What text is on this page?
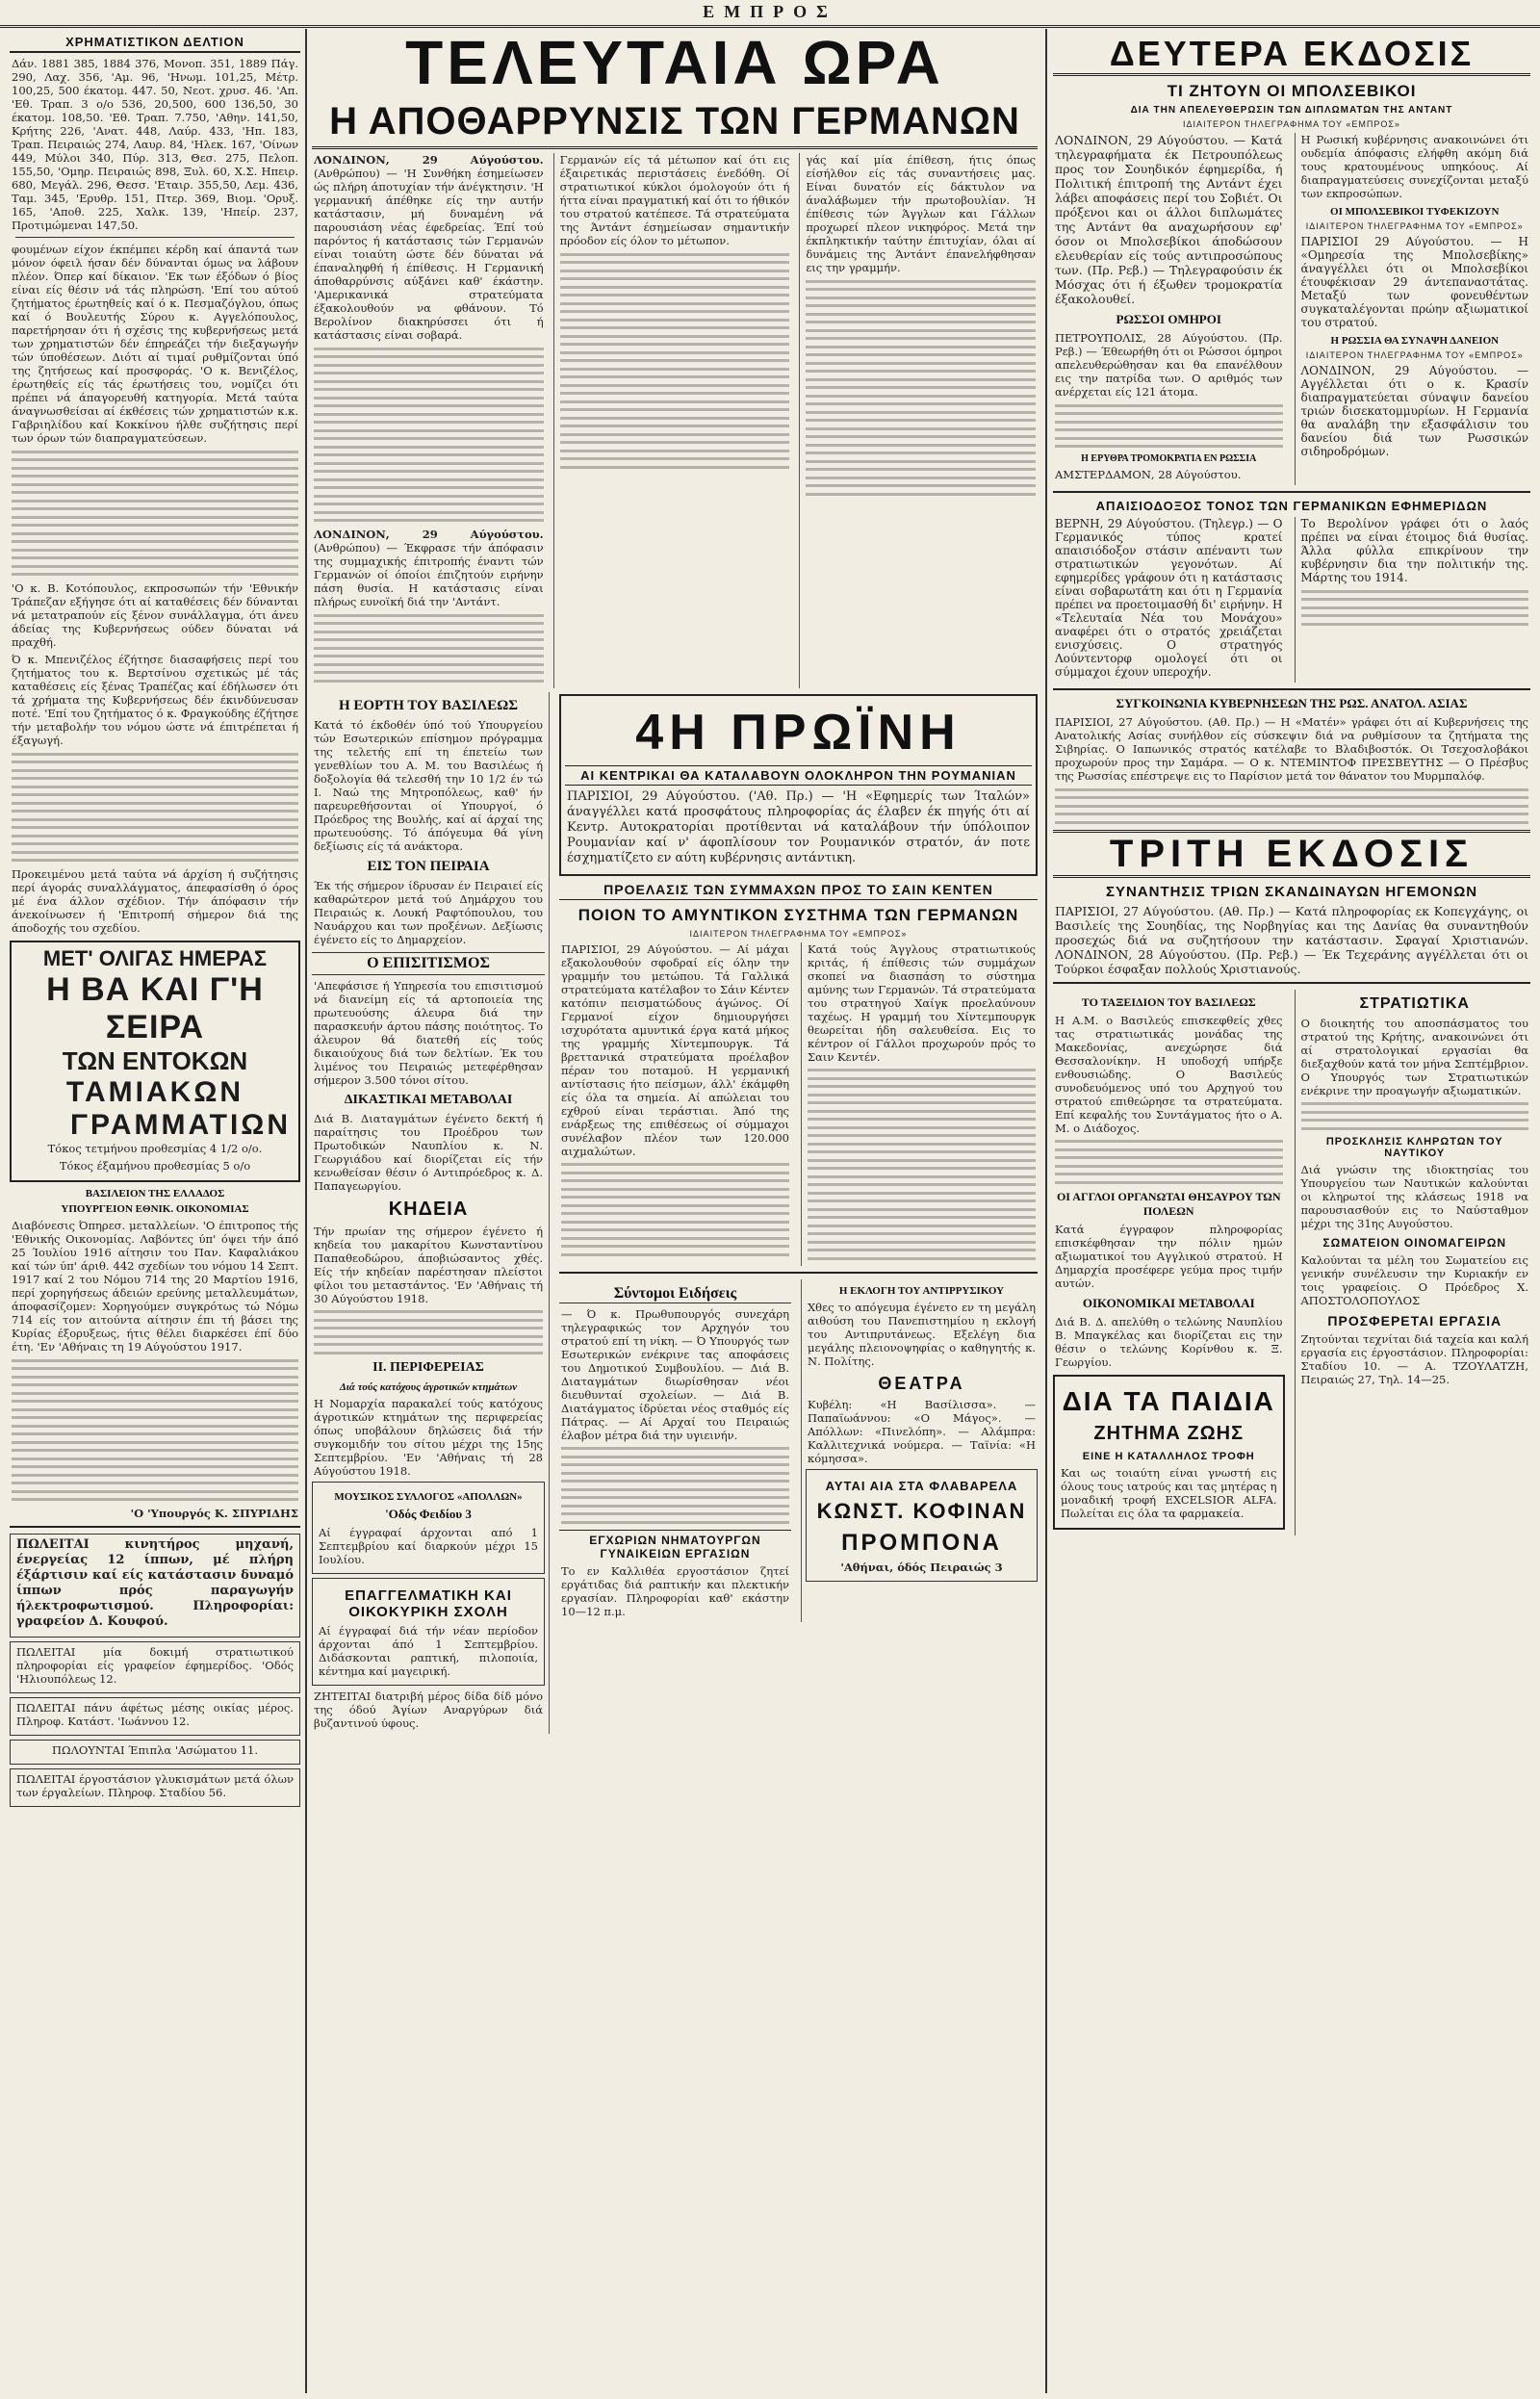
ΕΜΠΡΟΣ
ΧΡΗΜΑΤΙΣΤΙΚΟΝ ΔΕΛΤΙΟΝ

Δάν. 1881 385, 1884 376, Μονοπ. 351, 1889 Πάγ. 290, Λαχ. 356, 'Αμ. 96, 'Ηνωμ. 101,25, Μέτρ. 100,25, 500 έκατομ. 447. 50, Νεοτ. χρυσ. 46. 'Απ. 'Εθ. Τραπ. 3 ο/ο 536, 20,500, 600 136,50, 30 έκατομ. 108,50. 'Εθ. Τραπ. 7.750, 'Αθην. 141,50, Κρήτης 226, 'Ανατ. 448, Λαύρ. 433, 'Ηπ. 183, Τραπ. Πειραιώς 274, Λαυρ. 84, 'Ηλεκ. 167, 'Οίνων 449, Μύλοι 340, Πύρ. 313, Θεσ. 275, Πελοπ. 155,50, 'Ομηρ. Πειραιώς 898, Ξυλ. 60, Χ.Σ. Ηπειρ. 680, Μεγάλ. 296, Θεσσ. 'Εταιρ. 355,50, Λεμ. 436, Ταμ. 345, 'Ερυθρ. 151, Πτερ. 369, Βιομ. 'Ορυξ. 165, 'Αποθ. 225, Χαλκ. 139, 'Ηπείρ. 237, Προτιμώμεναι 147,50.

φουμένων είχον έκπέμπει κέρδη καί άπαντά των μόνον όφειλ ήσαν δέν δύνανται όμως να λάβουν πλέον. Όπερ καί δίκαιον. 'Εκ των έξόδων ό βίος είναι είς θέσιν νά τάς πληρώση. 'Επί του αύτού ζητήματος έρωτηθείς καί ό κ. Πεσμαζόγλου, όπως καί ό Βουλευτής Σύρου κ. Αγγελόπουλος, παρετήρησαν ότι ή σχέσις της κυβερνήσεως μετά των χρηματιστών δέν έπηρεάζει τήν διεξαγωγήν τών ύποθέσεων. Διότι αί τιμαί ρυθμίζονται ύπό της ζητήσεως καί προσφοράς. 'Ο κ. Βενιζέλος, έρωτηθείς είς τάς έρωτήσεις του, νομίζει ότι πρέπει νά άπαγορευθή κατηγορία. Μετά ταύτα άναγνωσθείσαι αί έκθέσεις τών χρηματιστών κ.κ. Γαβριηλίδου καί Κοκκίνου ήλθε συζήτησις περί των όρων τών διαπραγματεύσεων.

'Ο κ. Β. Κοτόπουλος, εκπροσωπών τήν 'Εθνικήν Τράπεζαν εξήγησε ότι αί καταθέσεις δέν δύνανται νά μετατραπούν είς ξένον συνάλλαγμα, ότι άνευ άδείας της Κυβερνήσεως ούδεν δύναται νά πραχθή.

Ό κ. Μπενιζέλος έζήτησε διασαφήσεις περί του ζητήματος του κ. Βερτσίνου σχετικώς μέ τάς καταθέσεις είς ξένας Τραπέζας καί έδήλωσεν ότι τά χρήματα της Κυβερνήσεως δέν έκινδύνευσαν ποτέ. 'Επί του ζητήματος ό κ. Φραγκούδης έζήτησε τήν μεταβολήν του νόμου ώστε νά έπιτρέπεται ή έξαγωγή.

Προκειμένου μετά ταύτα νά άρχίση ή συζήτησις περί άγοράς συναλλάγματος, άπεφασίσθη ό όρος μέ ένα άλλον σχέδιον. Τήν άπόφασιν τήν άνεκοίνωσεν ή 'Επιτροπή σήμερον διά της άποδοχής του σχεδίου.

ΜΕΤ' ΟΛΙΓΑΣ ΗΜΕΡΑΣ
Η ΒΑ ΚΑΙ Γ'Η ΣΕΙΡΑ
ΤΩΝ ΕΝΤΟΚΩΝ
ΤΑΜΙΑΚΩΝ
ΓΡΑΜΜΑΤΙΩΝ
Τόκος τετμήνου προθεσμίας 4 1/2 ο/ο.
Τόκος έξαμήνου προθεσμίας 5 ο/ο
ΒΑΣΙΛΕΙΟΝ ΤΗΣ ΕΛΛΑΔΟΣ
ΥΠΟΥΡΓΕΙΟΝ ΕΘΝΙΚ. ΟΙΚΟΝΟΜΙΑΣ

Διαβόνεσις Όπηρεσ. μεταλλείων. 'Ο έπιτροπος τής 'Εθνικής Οικονομίας. Λαβόντες ύπ' όψει τήν άπό 25 Ίουλίου 1916 αίτησιν του Παν. Καφαλιάκου καί τών ύπ' άριθ. 442 σχεδίων του νόμου 14 Σεπτ. 1917 καί 2 του Νόμου 714 της 20 Μαρτίου 1916, περί χορηγήσεως άδειών ερεύνης μεταλλευμάτων, άποφασίζομεν: Χορηγούμεν συγκρότως τώ Νόμω 714 είς τον αιτούντα αίτησιν έπι τή βάσει της Κυρίας έξορυξεως, ήτις θέλει διαρκέσει έπί δύο έτη. 'Εν 'Αθήναις τη 19 Αύγούστου 1917.

'Ο 'Υπουργός Κ. ΣΠΥΡΙΔΗΣ

ΠΩΛΕΙΤΑΙ κινητήρος μηχανή, ένεργείας 12 ίππων, μέ πλήρη έξάρτισιν καί είς κατάστασιν δυναμό ίππων πρός παραγωγήν ήλεκτροφωτισμού. Πληροφορίαι: γραφείον Δ. Κουφού.

ΠΩΛΕΙΤΑΙ μία δοκιμή στρατιωτικού πληροφορίαι είς γραφείον έφημερίδος. 'Οδός 'Ηλιουπόλεως 12.

ΠΩΛΕΙΤΑΙ πάνυ άφέτως μέσης οικίας μέρος. Πληροφ. Κατάστ. 'Ιωάννου 12.

ΠΩΛΟΥΝΤΑΙ Έπιπλα 'Ασώματου 11.

ΠΩΛΕΙΤΑΙ έργοστάσιον γλυκισμάτων μετά όλων των έργαλείων. Πληροφ. Σταδίου 56.

ΤΕΛΕΥΤΑΙΑ ΩΡΑ
Η ΑΠΟΘΑΡΡΥΝΣΙΣ ΤΩΝ ΓΕΡΜΑΝΩΝ

ΛΟΝΔΙΝΟΝ, 29 Αύγούστου. (Ανθρώπου) — 'Η Συνθήκη έσημείωσεν ώς πλήρη άποτυχίαν τήν άνέγκτησιν. 'Η γερμανική άπέθηκε είς την αυτήν κατάστασιν, μή δυναμένη νά παρουσιάση νέας έφεδρείας. Έπί τού παρόντος ή κατάστασις τών Γερμανών είναι τοιαύτη ώστε δέν δύναται νά έπαναληφθή ή έπίθεσις. Η Γερμανική άποθαρρύνσις αύξάνει καθ' έκάστην. 'Αμερικανικά στρατεύματα έξακολουθούν να φθάνουν. Τό Βερολίνον διακηρύσσει ότι ή κατάστασις είναι σοβαρά.

ΛΟΝΔΙΝΟΝ, 29 Αύγούστου. (Ανθρώπου) — Έκφρασε τήν άπόφασιν της συμμαχικής έπιτροπής έναντι τών Γερμανών οί όποίοι έπιζητούν ειρήνην πάση θυσία. Η κατάστασις είναι πλήρως ευνοϊκή διά την 'Αντάντ.

Γερμανών είς τά μέτωπον καί ότι εις έξαιρετικάς περιστάσεις ένεδόθη. Οί στρατιωτικοί κύκλοι όμολογούν ότι ή ήττα είναι πραγματική καί ότι το ήθικόν του στρατού κατέπεσε. Τά στρατεύματα της Άντάντ έσημείωσαν σημαντικήν πρόοδον είς όλον το μέτωπον.

γάς καί μία έπίθεση, ήτις όπως είσήλθον είς τάς συναντήσεις μας. Είναι δυνατόν είς δάκτυλον να άναλάβωμεν τήν πρωτοβουλίαν. Ή έπίθεσις τών Άγγλων και Γάλλων προχωρεί πλεον νικηφόρος. Μετά την έκπληκτικήν ταύτην έπιτυχίαν, όλαι αί δυνάμεις της Άντάντ έπανελήφθησαν εις την γραμμήν.

Η ΕΟΡΤΗ ΤΟΥ ΒΑΣΙΛΕΩΣ

Κατά τό έκδοθέν ύπό τού Υπουργείου τών Εσωτερικών επίσημον πρόγραμμα της τελετής επί τη έπετείω των γενεθλίων του Α. Μ. του Βασιλέως ή δοξολογία θά τελεσθή την 10 1/2 έν τώ Ι. Ναώ της Μητροπόλεως, καθ' ήν παρευρεθήσονται οί Υπουργοί, ό Πρόεδρος της Βουλής, καί αί άρχαί της πρωτευούσης. Τό άπόγευμα θά γίνη δεξίωσις είς τά ανάκτορα.

ΕΙΣ ΤΟΝ ΠΕΙΡΑΙΑ

Έκ τής σήμερον ίδρυσαν έν Πειραιεί είς καθαρώτερον μετά τού Δημάρχου του Πειραιώς κ. Λουκή Ραφτόπουλου, του Ναυάρχου και των προξένων. Δεξίωσις έγένετο είς το Δημαρχείον.

Ο ΕΠΙΣΙΤΙΣΜΟΣ

'Απεφάσισε ή Υπηρεσία του επισιτισμού νά διανείμη είς τά αρτοποιεία της πρωτευούσης άλευρα διά την παρασκευήν άρτου πάσης ποιότητος. Το άλευρον θά διατεθή είς τούς δικαιούχους διά των δελτίων. Έκ του λιμένος του Πειραιώς μετεφέρθησαν σήμερον 3.500 τόνοι σίτου.

ΔΙΚΑΣΤΙΚΑΙ ΜΕΤΑΒΟΛΑΙ

Διά Β. Διαταγμάτων έγένετο δεκτή ή παραίτησις του Προέδρου των Πρωτοδικών Ναυπλίου κ. Ν. Γεωργιάδου καί διορίζεται είς τήν κενωθείσαν θέσιν ό Αντιπρόεδρος κ. Δ. Παπαγεωργίου.

ΚΗΔΕΙΑ

Τήν πρωίαν της σήμερον έγένετο ή κηδεία του μακαρίτου Κωνσταντίνου Παπαθεοδώρου, άποβιώσαντος χθές. Είς τήν κηδείαν παρέστησαν πλείστοι φίλοι του μεταστάντος. 'Εν 'Αθήναις τή 30 Αύγούστου 1918.

ΙΙ. ΠΕΡΙΦΕΡΕΙΑΣ
Διά τούς κατόχους άγροτικών κτημάτων

Η Νομαρχία παρακαλεί τούς κατόχους άγροτικών κτημάτων της περιφερείας όπως υποβάλουν δηλώσεις διά τήν συγκομιδήν του σίτου μέχρι της 15ης Σεπτεμβρίου. 'Εν 'Αθήναις τή 28 Αύγούστου 1918.

ΜΟΥΣΙΚΟΣ ΣΥΛΛΟΓΟΣ «ΑΠΟΛΛΩΝ»
'Οδός Φειδίου 3

Αί έγγραφαί άρχονται από 1 Σεπτεμβρίου καί διαρκούν μέχρι 15 Ιουλίου.

ΕΠΑΓΓΕΛΜΑΤΙΚΗ ΚΑΙ ΟΙΚΟΚΥΡΙΚΗ ΣΧΟΛΗ

Αί έγγραφαί διά τήν νέαν περίοδον άρχονται άπό 1 Σεπτεμβρίου. Διδάσκονται ραπτική, πιλοποιία, κέντημα καί μαγειρική.

ΖΗΤΕΙΤΑΙ διατριβή μέρος δίδα δίδ μόνο της όδού Άγίων Αναργύρων διά βυζαντινού ύφους.

4Η ΠΡΩΪΝΗ
ΑΙ ΚΕΝΤΡΙΚΑΙ ΘΑ ΚΑΤΑΛΑΒΟΥΝ ΟΛΟΚΛΗΡΟΝ ΤΗΝ ΡΟΥΜΑΝΙΑΝ

ΠΑΡΙΣΙΟΙ, 29 Αύγούστου. ('Αθ. Πρ.) — 'Η «Εφημερίς των Ίταλών» άναγγέλλει κατά προσφάτους πληροφορίας άς έλαβεν έκ πηγής ότι αί Κεντρ. Αυτοκρατορίαι προτίθενται νά καταλάβουν τήν ύπόλοιπον Ρουμανίαν καί ν' άφοπλίσουν τον Ρουμανικόν στρατόν, άν ποτε έσχηματίζετο εν αύτη κυβέρνησις αντάντικη.

ΠΡΟΕΛΑΣΙΣ ΤΩΝ ΣΥΜΜΑΧΩΝ ΠΡΟΣ ΤΟ ΣΑΙΝ ΚΕΝΤΕΝ
ΠΟΙΟΝ ΤΟ ΑΜΥΝΤΙΚΟΝ ΣΥΣΤΗΜΑ ΤΩΝ ΓΕΡΜΑΝΩΝ
ΙΔΙΑΙΤΕΡΟΝ ΤΗΛΕΓΡΑΦΗΜΑ ΤΟΥ «ΕΜΠΡΟΣ»

ΠΑΡΙΣΙΟΙ, 29 Αύγούστου. — Αί μάχαι εξακολουθούν σφοδραί είς όλην την γραμμήν του μετώπου. Τά Γαλλικά στρατεύματα κατέλαβον το Σάιν Κέντεν κατόπιν πεισματώδους άγώνος. Οί Γερμανοί είχον δημιουργήσει ισχυρότατα αμυντικά έργα κατά μήκος της γραμμής Χίντεμπουργκ. Τά βρεττανικά στρατεύματα προέλαβον πέραν του ποταμού. Η γερμανική αντίστασις ήτο πείσμων, άλλ' έκάμφθη είς όλα τα σημεία. Αί απώλειαι του εχθρού είναι τεράστιαι. Άπό της ενάρξεως της επιθέσεως οί σύμμαχοι συνέλαβον πλέον των 120.000 αιχμαλώτων.

Κατά τούς Άγγλους στρατιωτικούς κριτάς, ή έπίθεσις τών συμμάχων σκοπεί να διασπάση το σύστημα αμύνης των Γερμανών. Τά στρατεύματα του στρατηγού Χαίγκ προελαύνουν ταχέως. Η γραμμή του Χίντεμπουργκ θεωρείται ήδη σαλευθείσα. Εις το κέντρον οί Γάλλοι προχωρούν πρός το Σαιν Κεντέν.

Σύντομοι Ειδήσεις

— Ό κ. Πρωθυπουργός συνεχάρη τηλεγραφικώς τον Αρχηγόν του στρατού επί τη νίκη. — Ό Υπουργός των Εσωτερικών ενέκρινε τας αποφάσεις του Δημοτικού Συμβουλίου. — Διά Β. Διαταγμάτων διωρίσθησαν νέοι διευθυνταί σχολείων. — Διά Β. Διατάγματος ίδρύεται νέος σταθμός είς Πάτρας. — Αί Αρχαί του Πειραιώς έλαβον μέτρα διά την υγιεινήν.

ΕΓΧΩΡΙΩΝ ΝΗΜΑΤΟΥΡΓΩΝ ΓΥΝΑΙΚΕΙΩΝ ΕΡΓΑΣΙΩΝ

Το εν Καλλιθέα εργοστάσιον ζητεί εργάτιδας διά ραπτικήν και πλεκτικήν εργασίαν. Πληροφορίαι καθ' εκάστην 10—12 π.μ.

Η ΕΚΛΟΓΗ ΤΟΥ ΑΝΤΙΡΡΥΣΙΚΟΥ

Χθες το απόγευμα έγένετο εν τη μεγάλη αιθούση του Πανεπιστημίου η εκλογή του Αντιπρυτάνεως. Εξελέγη δια μεγάλης πλειονοψηφίας ο καθηγητής κ. Ν. Πολίτης.

ΘΕΑΤΡΑ

Κυβέλη: «Η Βασίλισσα». — Παπαϊωάννου: «Ο Μάγος». — Απόλλων: «Πινελόπη». — Αλάμπρα: Καλλιτεχνικά νούμερα. — Ταϊνία: «Η κόμησσα».

ΑΥΤΑΙ ΑΙΑ ΣΤΑ ΦΛΑΒΑΡΕΛΑ
ΚΩΝΣΤ. ΚΟΦΙΝΑΝ
ΠΡΟΜΠΟΝΑ
'Αθήναι, όδός Πειραιώς 3
ΔΕΥΤΕΡΑ ΕΚΔΟΣΙΣ
ΤΙ ΖΗΤΟΥΝ ΟΙ ΜΠΟΛΣΕΒΙΚΟΙ
ΔΙΑ ΤΗΝ ΑΠΕΛΕΥΘΕΡΩΣΙΝ ΤΩΝ ΔΙΠΛΩΜΑΤΩΝ ΤΗΣ ΑΝΤΑΝΤ
ΙΔΙΑΙΤΕΡΟΝ ΤΗΛΕΓΡΑΦΗΜΑ ΤΟΥ «ΕΜΠΡΟΣ»

ΛΟΝΔΙΝΟΝ, 29 Αύγούστου. — Κατά τηλεγραφήματα έκ Πετρουπόλεως προς τον Σουηδικόν έφημερίδα, ή Πολιτική έπιτροπή της Αντάντ έχει λάβει αποφάσεις περί του Σοβιέτ. Οι πρόξενοι και οι άλλοι διπλωμάτες της Αντάντ θα αναχωρήσουν εφ' όσον οι Μπολσεβίκοι άποδώσουν ελευθερίαν είς τούς αντιπροσώπους των. (Πρ. Ρεβ.) — Τηλεγραφούσιν έκ Μόσχας ότι ή έξωθεν τρομοκρατία έξακολουθεί.

ΡΩΣΣΟΙ ΟΜΗΡΟΙ

ΠΕΤΡΟΥΠΟΛΙΣ, 28 Αύγούστου. (Πρ. Ρεβ.) — Έθεωρήθη ότι οι Ρώσσοι όμηροι απελευθερώθησαν και θα επανέλθουν εις την πατρίδα των. Ο αριθμός των ανέρχεται είς 121 άτομα.

Η ΕΡΥΘΡΑ ΤΡΟΜΟΚΡΑΤΙΑ ΕΝ ΡΩΣΣΙΑ

ΑΜΣΤΕΡΔΑΜΟΝ, 28 Αύγούστου.

Η Ρωσική κυβέρνησις ανακοινώνει ότι ουδεμία άπόφασις ελήφθη ακόμη διά τους κρατουμένους υπηκόους. Αί διαπραγματεύσεις συνεχίζονται μεταξύ των εκπροσώπων.

ΟΙ ΜΠΟΛΣΕΒΙΚΟΙ ΤΥΦΕΚΙΖΟΥΝ
ΙΔΙΑΙΤΕΡΟΝ ΤΗΛΕΓΡΑΦΗΜΑ ΤΟΥ «ΕΜΠΡΟΣ»

ΠΑΡΙΣΙΟΙ 29 Αύγούστου. — Η «Ομηρεσία της Μπολσεβίκης» άναγγέλλει ότι οι Μπολσεβίκοι έτουφέκισαν 29 άντεπαναστάτας. Μεταξύ των φονευθέντων συγκαταλέγονται πρώην αξιωματικοί του στρατού.

Η ΡΩΣΣΙΑ ΘΑ ΣΥΝΑΨΗ ΔΑΝΕΙΟΝ
ΙΔΙΑΙΤΕΡΟΝ ΤΗΛΕΓΡΑΦΗΜΑ ΤΟΥ «ΕΜΠΡΟΣ»

ΛΟΝΔΙΝΟΝ, 29 Αύγούστου. — Αγγέλλεται ότι ο κ. Κρασίν διαπραγματεύεται σύναψιν δανείου τριών δισεκατομμυρίων. Η Γερμανία θα αναλάβη την εξασφάλισιν του δανείου διά των Ρωσσικών σιδηροδρόμων.

ΑΠΑΙΣΙΟΔΟΞΟΣ ΤΟΝΟΣ ΤΩΝ ΓΕΡΜΑΝΙΚΩΝ ΕΦΗΜΕΡΙΔΩΝ

ΒΕΡΝΗ, 29 Αύγούστου. (Τηλεγρ.) — Ο Γερμανικός τύπος κρατεί απαισιόδοξον στάσιν απέναντι των στρατιωτικών γεγονότων. Αί εφημερίδες γράφουν ότι η κατάστασις είναι σοβαρωτάτη και ότι η Γερμανία πρέπει να προετοιμασθή δι' ειρήνην. Η «Τελευταία Νέα του Μονάχου» αναφέρει ότι ο στρατός χρειάζεται ενισχύσεις. Ο στρατηγός Λούντεντορφ ομολογεί ότι οι σύμμαχοι έχουν υπεροχήν.

Το Βερολίνον γράφει ότι ο λαός πρέπει να είναι έτοιμος διά θυσίας. Άλλα φύλλα επικρίνουν την κυβέρνησιν δια την πολιτικήν της. Μάρτης του 1914.

ΣΥΓΚΟΙΝΩΝΙΑ ΚΥΒΕΡΝΗΣΕΩΝ ΤΗΣ ΡΩΣ. ΑΝΑΤΟΛ. ΑΣΙΑΣ

ΠΑΡΙΣΙΟΙ, 27 Αύγούστου. (Αθ. Πρ.) — Η «Ματέν» γράφει ότι αί Κυβερνήσεις της Ανατολικής Ασίας συνήλθον είς σύσκεψιν διά να ρυθμίσουν τα ζητήματα της Σιβηρίας. Ο Ιαπωνικός στρατός κατέλαβε το Βλαδιβοστόκ. Οι Τσεχοσλοβάκοι προχωρούν προς την Σαμάρα. — Ο κ. ΝΤΕΜΙΝΤΟΦ ΠΡΕΣΒΕΥΤΗΣ — Ο Πρέσβυς της Ρωσσίας επέστρεψε εις το Παρίσιον μετά τον θάνατον του Μυρμπαλόφ.

ΤΡΙΤΗ ΕΚΔΟΣΙΣ
ΣΥΝΑΝΤΗΣΙΣ ΤΡΙΩΝ ΣΚΑΝΔΙΝΑΥΩΝ ΗΓΕΜΟΝΩΝ

ΠΑΡΙΣΙΟΙ, 27 Αύγούστου. (Αθ. Πρ.) — Κατά πληροφορίας εκ Κοπεγχάγης, οι Βασιλείς της Σουηδίας, της Νορβηγίας και της Δανίας θα συναντηθούν προσεχώς διά να συζητήσουν την κατάστασιν. Σφαγαί Χριστιανών. ΛΟΝΔΙΝΟΝ, 28 Αύγούστου. (Πρ. Ρεβ.) — Έκ Τεχεράνης αγγέλλεται ότι οι Τούρκοι έσφαξαν πολλούς Χριστιανούς.

ΤΟ ΤΑΞΕΙΔΙΟΝ ΤΟΥ ΒΑΣΙΛΕΩΣ

Η Α.Μ. ο Βασιλεύς επισκεφθείς χθες τας στρατιωτικάς μονάδας της Μακεδονίας, ανεχώρησε διά Θεσσαλονίκην. Η υποδοχή υπήρξε ενθουσιώδης. Ο Βασιλεύς συνοδευόμενος υπό του Αρχηγού του στρατού επιθεώρησε τα στρατεύματα. Επί κεφαλής του Συντάγματος ήτο ο Α. Μ. ο Διάδοχος.

ΟΙ ΑΓΓΛΟΙ ΟΡΓΑΝΩΤΑΙ ΘΗΣΑΥΡΟΥ ΤΩΝ ΠΟΛΕΩΝ

Κατά έγγραφον πληροφορίας επισκέφθησαν την πόλιν ημών αξιωματικοί του Αγγλικού στρατού. Η Δημαρχία προσέφερε γεύμα προς τιμήν αυτών.

ΟΙΚΟΝΟΜΙΚΑΙ ΜΕΤΑΒΟΛΑΙ

Διά Β. Δ. απελύθη ο τελώνης Ναυπλίου Β. Μπαγκέλας και διορίζεται εις την θέσιν ο τελώνης Κορίνθου κ. Ξ. Γεωργίου.

ΔΙΑ ΤΑ ΠΑΙΔΙΑ
ΖΗΤΗΜΑ ΖΩΗΣ
ΕΙΝΕ Η ΚΑΤΑΛΛΗΛΟΣ ΤΡΟΦΗ

Και ως τοιαύτη είναι γνωστή εις όλους τους ιατρούς και τας μητέρας η μοναδική τροφή EXCELSIOR ALFA. Πωλείται εις όλα τα φαρμακεία.

ΣΤΡΑΤΙΩΤΙΚΑ

Ο διοικητής του αποσπάσματος του στρατού της Κρήτης, ανακοινώνει ότι αί στρατολογικαί εργασίαι θα διεξαχθούν κατά τον μήνα Σεπτέμβριον. Ο Υπουργός των Στρατιωτικών ενέκρινε την προαγωγήν αξιωματικών.

ΠΡΟΣΚΛΗΣΙΣ ΚΛΗΡΩΤΩΝ ΤΟΥ ΝΑΥΤΙΚΟΥ

Διά γνώσιν της ιδιοκτησίας του Υπουργείου των Ναυτικών καλούνται οι κληρωτοί της κλάσεως 1918 να παρουσιασθούν εις το Ναύσταθμον μέχρι της 31ης Αυγούστου.

ΣΩΜΑΤΕΙΟΝ ΟΙΝΟΜΑΓΕΙΡΩΝ

Καλούνται τα μέλη του Σωματείου εις γενικήν συνέλευσιν την Κυριακήν εν τοις γραφείοις. Ο Πρόεδρος Χ. ΑΠΟΣΤΟΛΟΠΟΥΛΟΣ

ΠΡΟΣΦΕΡΕΤΑΙ ΕΡΓΑΣΙΑ

Ζητούνται τεχνίται διά ταχεία και καλή εργασία εις έργοστάσιον. Πληροφορίαι: Σταδίου 10. — Α. ΤΖΟΥΛΑΤΖΗ, Πειραιώς 27, Τηλ. 14—25.
